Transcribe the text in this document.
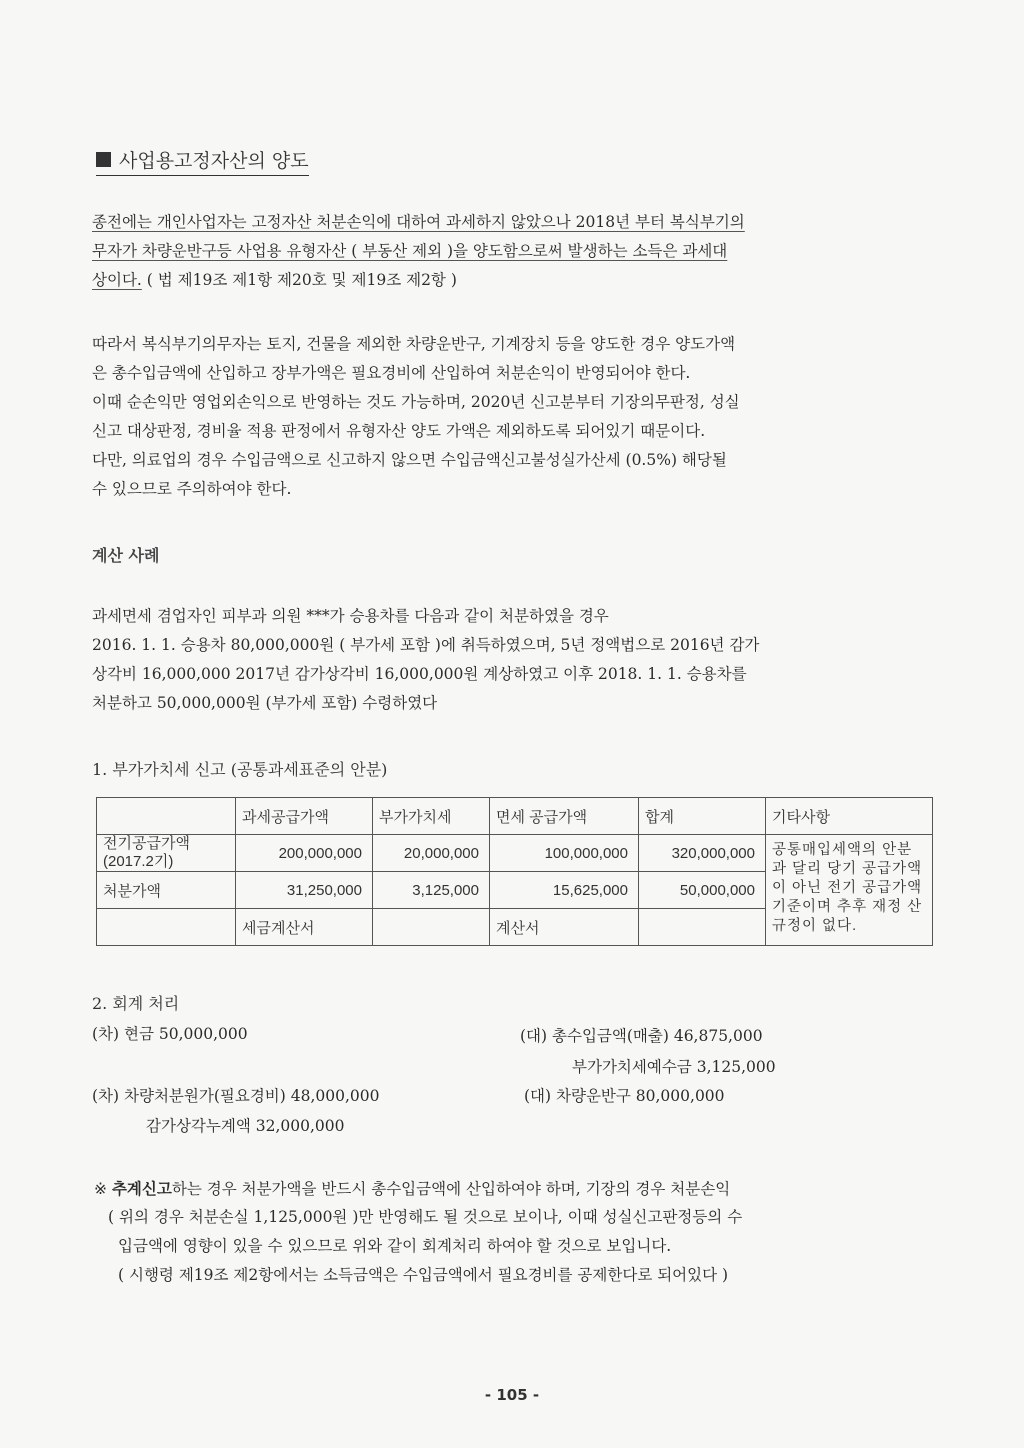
사업용고정자산의 양도
종전에는 개인사업자는 고정자산 처분손익에 대하여 과세하지 않았으나 2018년 부터 복식부기의
무자가 차량운반구등 사업용 유형자산 ( 부동산 제외 )을 양도함으로써 발생하는 소득은 과세대
상이다. ( 법 제19조 제1항 제20호 및 제19조 제2항 )
따라서 복식부기의무자는 토지, 건물을 제외한 차량운반구, 기계장치 등을 양도한 경우 양도가액
은 총수입금액에 산입하고 장부가액은 필요경비에 산입하여 처분손익이 반영되어야 한다.
이때 순손익만 영업외손익으로 반영하는 것도 가능하며, 2020년 신고분부터 기장의무판정, 성실
신고 대상판정, 경비율 적용 판정에서 유형자산 양도 가액은 제외하도록 되어있기 때문이다.
다만, 의료업의 경우 수입금액으로 신고하지 않으면 수입금액신고불성실가산세 (0.5%) 해당될
수 있으므로 주의하여야 한다.
계산 사례
과세면세 겸업자인 피부과 의원 ***가 승용차를 다음과 같이 처분하였을 경우
2016. 1. 1. 승용차 80,000,000원 ( 부가세 포함 )에 취득하였으며, 5년 정액법으로 2016년 감가
상각비 16,000,000 2017년 감가상각비 16,000,000원 계상하였고 이후 2018. 1. 1. 승용차를
처분하고 50,000,000원 (부가세 포함) 수령하였다
1. 부가가치세 신고 (공통과세표준의 안분)
	과세공급가액	부가가치세	면세 공급가액	합계	기타사항
전기공급가액 (2017.2기)	200,000,000	20,000,000	100,000,000	320,000,000	공통매입세액의 안분과 달리 당기 공급가액이 아닌 전기 공급가액 기준이며 추후 재정 산규정이 없다.
처분가액	31,250,000	3,125,000	15,625,000	50,000,000	
	세금계산서		계산서		
2. 회계 처리
(차) 현금 50,000,000	(대) 총수입금액(매출) 46,875,000
부가가치세예수금 3,125,000
(차) 차량처분원가(필요경비) 48,000,000	(대) 차량운반구 80,000,000
감가상각누계액 32,000,000
※ 추계신고하는 경우 처분가액을 반드시 총수입금액에 산입하여야 하며, 기장의 경우 처분손익
( 위의 경우 처분손실 1,125,000원 )만 반영해도 될 것으로 보이나, 이때 성실신고판정등의 수
입금액에 영향이 있을 수 있으므로 위와 같이 회계처리 하여야 할 것으로 보입니다.
( 시행령 제19조 제2항에서는 소득금액은 수입금액에서 필요경비를 공제한다로 되어있다 )
- 105 -
